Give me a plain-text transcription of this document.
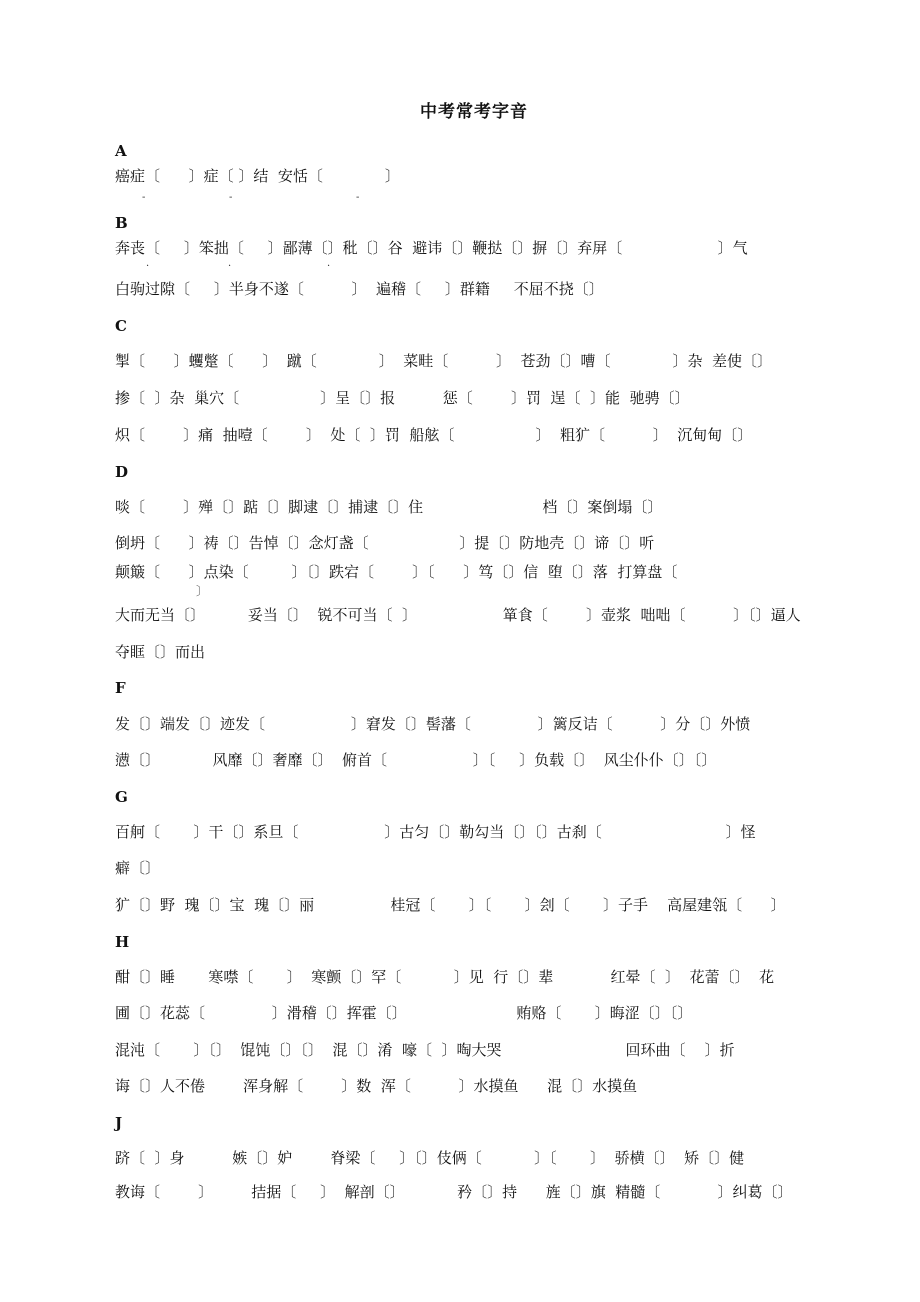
中考常考字音
A
癌症〔      〕症〔 〕结  安恬〔             〕
-	-	-
B
奔丧〔     〕笨拙〔     〕鄙薄〔〕秕〔〕谷  避讳〔〕鞭挞〔〕摒〔〕弃屏〔                    〕气
·	·	·
白驹过隙〔     〕半身不遂〔          〕  遍稽〔     〕群籍     不屈不挠〔〕
C
掣〔      〕蠼蹩〔      〕  蹴〔             〕  菜畦〔          〕  苍劲〔〕嘈〔             〕杂  差使〔〕
掺〔  〕杂  巢穴〔                 〕呈〔〕报          惩〔        〕罚  逞〔  〕能  驰骋〔〕
炽〔        〕痛  抽噎〔        〕  处〔  〕罚  船舷〔                 〕  粗犷〔          〕  沉甸甸〔〕
D
啖〔        〕殚〔〕踮〔〕脚逮〔〕捕逮〔〕住                         档〔〕案倒塌〔〕
倒坍〔      〕祷〔〕告悼〔〕念灯盏〔                   〕提〔〕防地壳〔〕谛〔〕听
颠簸〔      〕点染〔         〕〔〕跌宕〔        〕〔      〕笃〔〕信  堕〔〕落  打算盘〔
〕
大而无当〔〕         妥当〔〕  锐不可当〔  〕                  箪食〔        〕壶浆  咄咄〔          〕〔〕逼人
夺眶〔〕而出
F
发〔〕端发〔〕迹发〔                  〕窘发〔〕髻藩〔              〕篱反诘〔          〕分〔〕外愤
懑〔〕           风靡〔〕奢靡〔〕  俯首〔                  〕〔     〕负载〔〕  风尘仆仆〔〕〔〕
G
百舸〔       〕干〔〕系旦〔                  〕古匀〔〕勒勾当〔〕〔〕古刹〔                          〕怪
癖〔〕
犷〔〕野  瑰〔〕宝  瑰〔〕丽                桂冠〔       〕〔       〕刽〔       〕子手    高屋建瓴〔      〕
H
酣〔〕睡       寒噤〔       〕  寒颤〔〕罕〔           〕见  行〔〕辈            红晕〔  〕  花蕾〔〕  花
圃〔〕花蕊〔              〕滑稽〔〕挥霍〔〕                       贿赂〔       〕晦涩〔〕〔〕
混沌〔       〕〔〕  馄饨〔〕〔〕  混〔〕淆  嚎〔  〕啕大哭                          回环曲〔    〕折
诲〔〕人不倦        浑身解〔        〕数  浑〔          〕水摸鱼      混〔〕水摸鱼
J
跻〔  〕身          嫉〔〕妒        脊梁〔     〕〔〕伎俩〔           〕〔       〕  骄横〔〕  矫〔〕健
教诲〔        〕        拮据〔     〕  解剖〔〕           矜〔〕持      旌〔〕旗  精髓〔            〕纠葛〔〕
